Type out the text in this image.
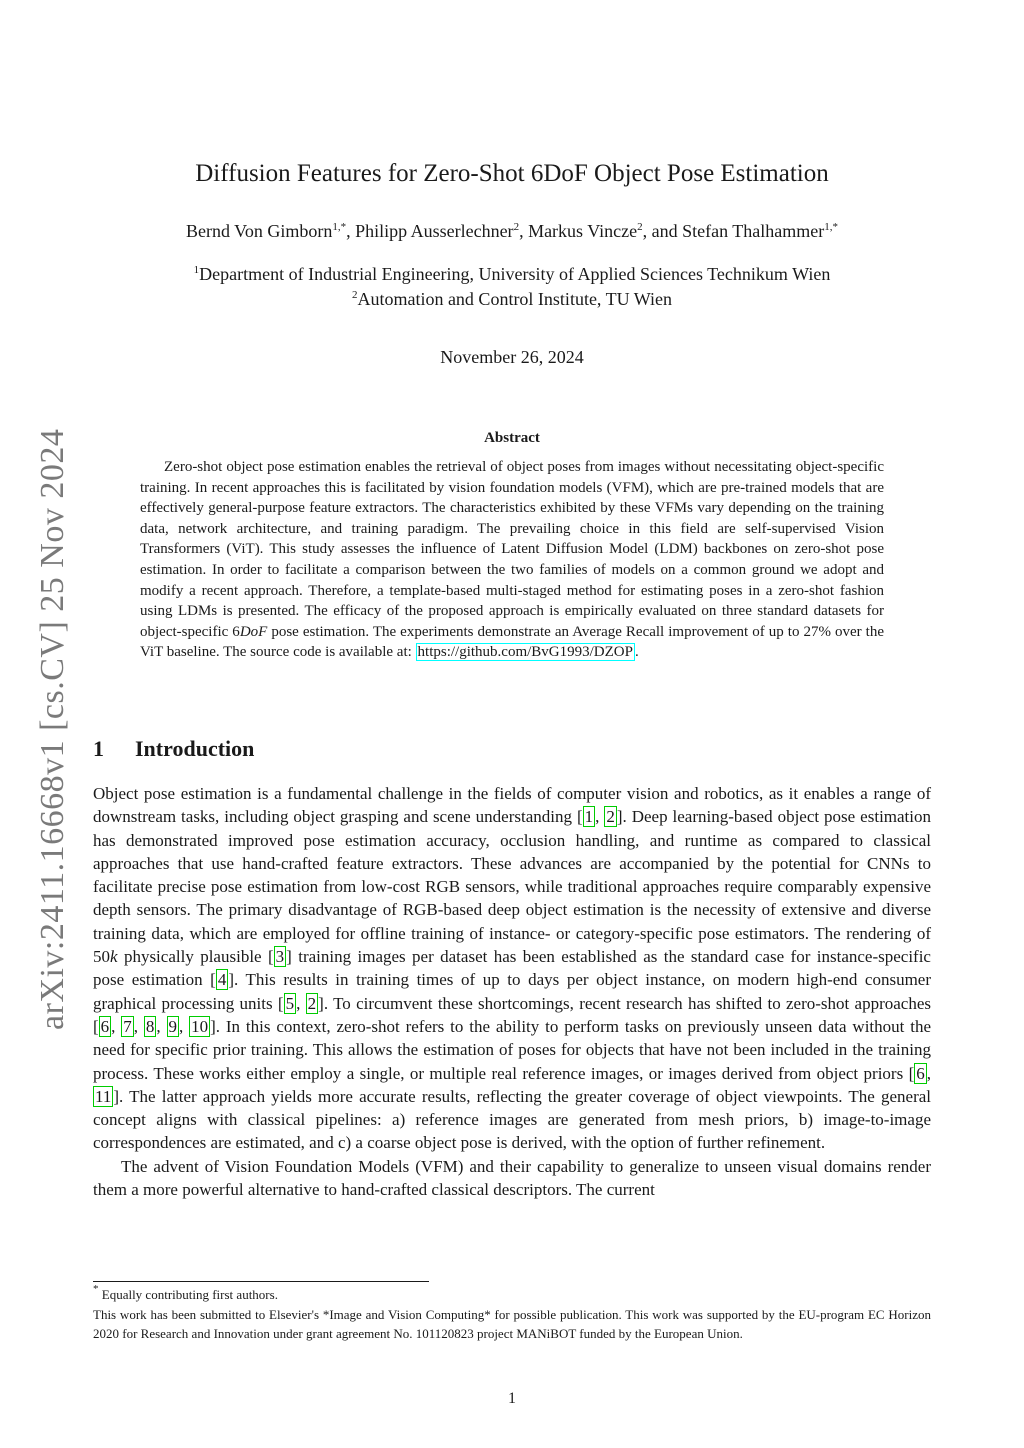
arXiv:2411.16668v1 [cs.CV] 25 Nov 2024
Diffusion Features for Zero-Shot 6DoF Object Pose Estimation
Bernd Von Gimborn$^{1,*}$, Philipp Ausserlechner$^2$, Markus Vincze$^2$, and Stefan Thalhammer$^{1,*}$
$^1$Department of Industrial Engineering, University of Applied Sciences Technikum Wien
$^2$Automation and Control Institute, TU Wien
November 26, 2024
Abstract
Zero-shot object pose estimation enables the retrieval of object poses from images without necessitating object-specific training. In recent approaches this is facilitated by vision foundation models (VFM), which are pre-trained models that are effectively general-purpose feature extractors. The characteristics exhibited by these VFMs vary depending on the training data, network architecture, and training paradigm. The prevailing choice in this field are self-supervised Vision Transformers (ViT). This study assesses the influence of Latent Diffusion Model (LDM) backbones on zero-shot pose estimation. In order to facilitate a comparison between the two families of models on a common ground we adopt and modify a recent approach. Therefore, a template-based multi-staged method for estimating poses in a zero-shot fashion using LDMs is presented. The efficacy of the proposed approach is empirically evaluated on three standard datasets for object-specific 6DoF pose estimation. The experiments demonstrate an Average Recall improvement of up to 27% over the ViT baseline. The source code is available at: https://github.com/BvG1993/DZOP .
1 Introduction

Object pose estimation is a fundamental challenge in the fields of computer vision and robotics, as it enables a range of downstream tasks, including object grasping and scene understanding [ 1 , 2 ]. Deep learning-based object pose estimation has demonstrated improved pose estimation accuracy, occlusion handling, and runtime as compared to classical approaches that use hand-crafted feature extractors. These advances are accompanied by the potential for CNNs to facilitate precise pose estimation from low-cost RGB sensors, while traditional approaches require comparably expensive depth sensors. The primary disadvantage of RGB-based deep object estimation is the necessity of extensive and diverse training data, which are employed for offline training of instance- or category-specific pose estimators. The rendering of 50k physically plausible [ 3 ] training images per dataset has been established as the standard case for instance-specific pose estimation [ 4 ]. This results in training times of up to days per object instance, on modern high-end consumer graphical processing units [ 5 , 2 ]. To circumvent these shortcomings, recent research has shifted to zero-shot approaches [ 6 , 7 , 8 , 9 , 10 ]. In this context, zero-shot refers to the ability to perform tasks on previously unseen data without the need for specific prior training. This allows the estimation of poses for objects that have not been included in the training process. These works either employ a single, or multiple real reference images, or images derived from object priors [ 6 , 11 ]. The latter approach yields more accurate results, reflecting the greater coverage of object viewpoints. The general concept aligns with classical pipelines: a) reference images are generated from mesh priors, b) image-to-image correspondences are estimated, and c) a coarse object pose is derived, with the option of further refinement.

The advent of Vision Foundation Models (VFM) and their capability to generalize to unseen visual domains render them a more powerful alternative to hand-crafted classical descriptors. The current

* Equally contributing first authors.

This work has been submitted to Elsevier's *Image and Vision Computing* for possible publication. This work was supported by the EU-program EC Horizon 2020 for Research and Innovation under grant agreement No. 101120823 project MANiBOT funded by the European Union.

1
